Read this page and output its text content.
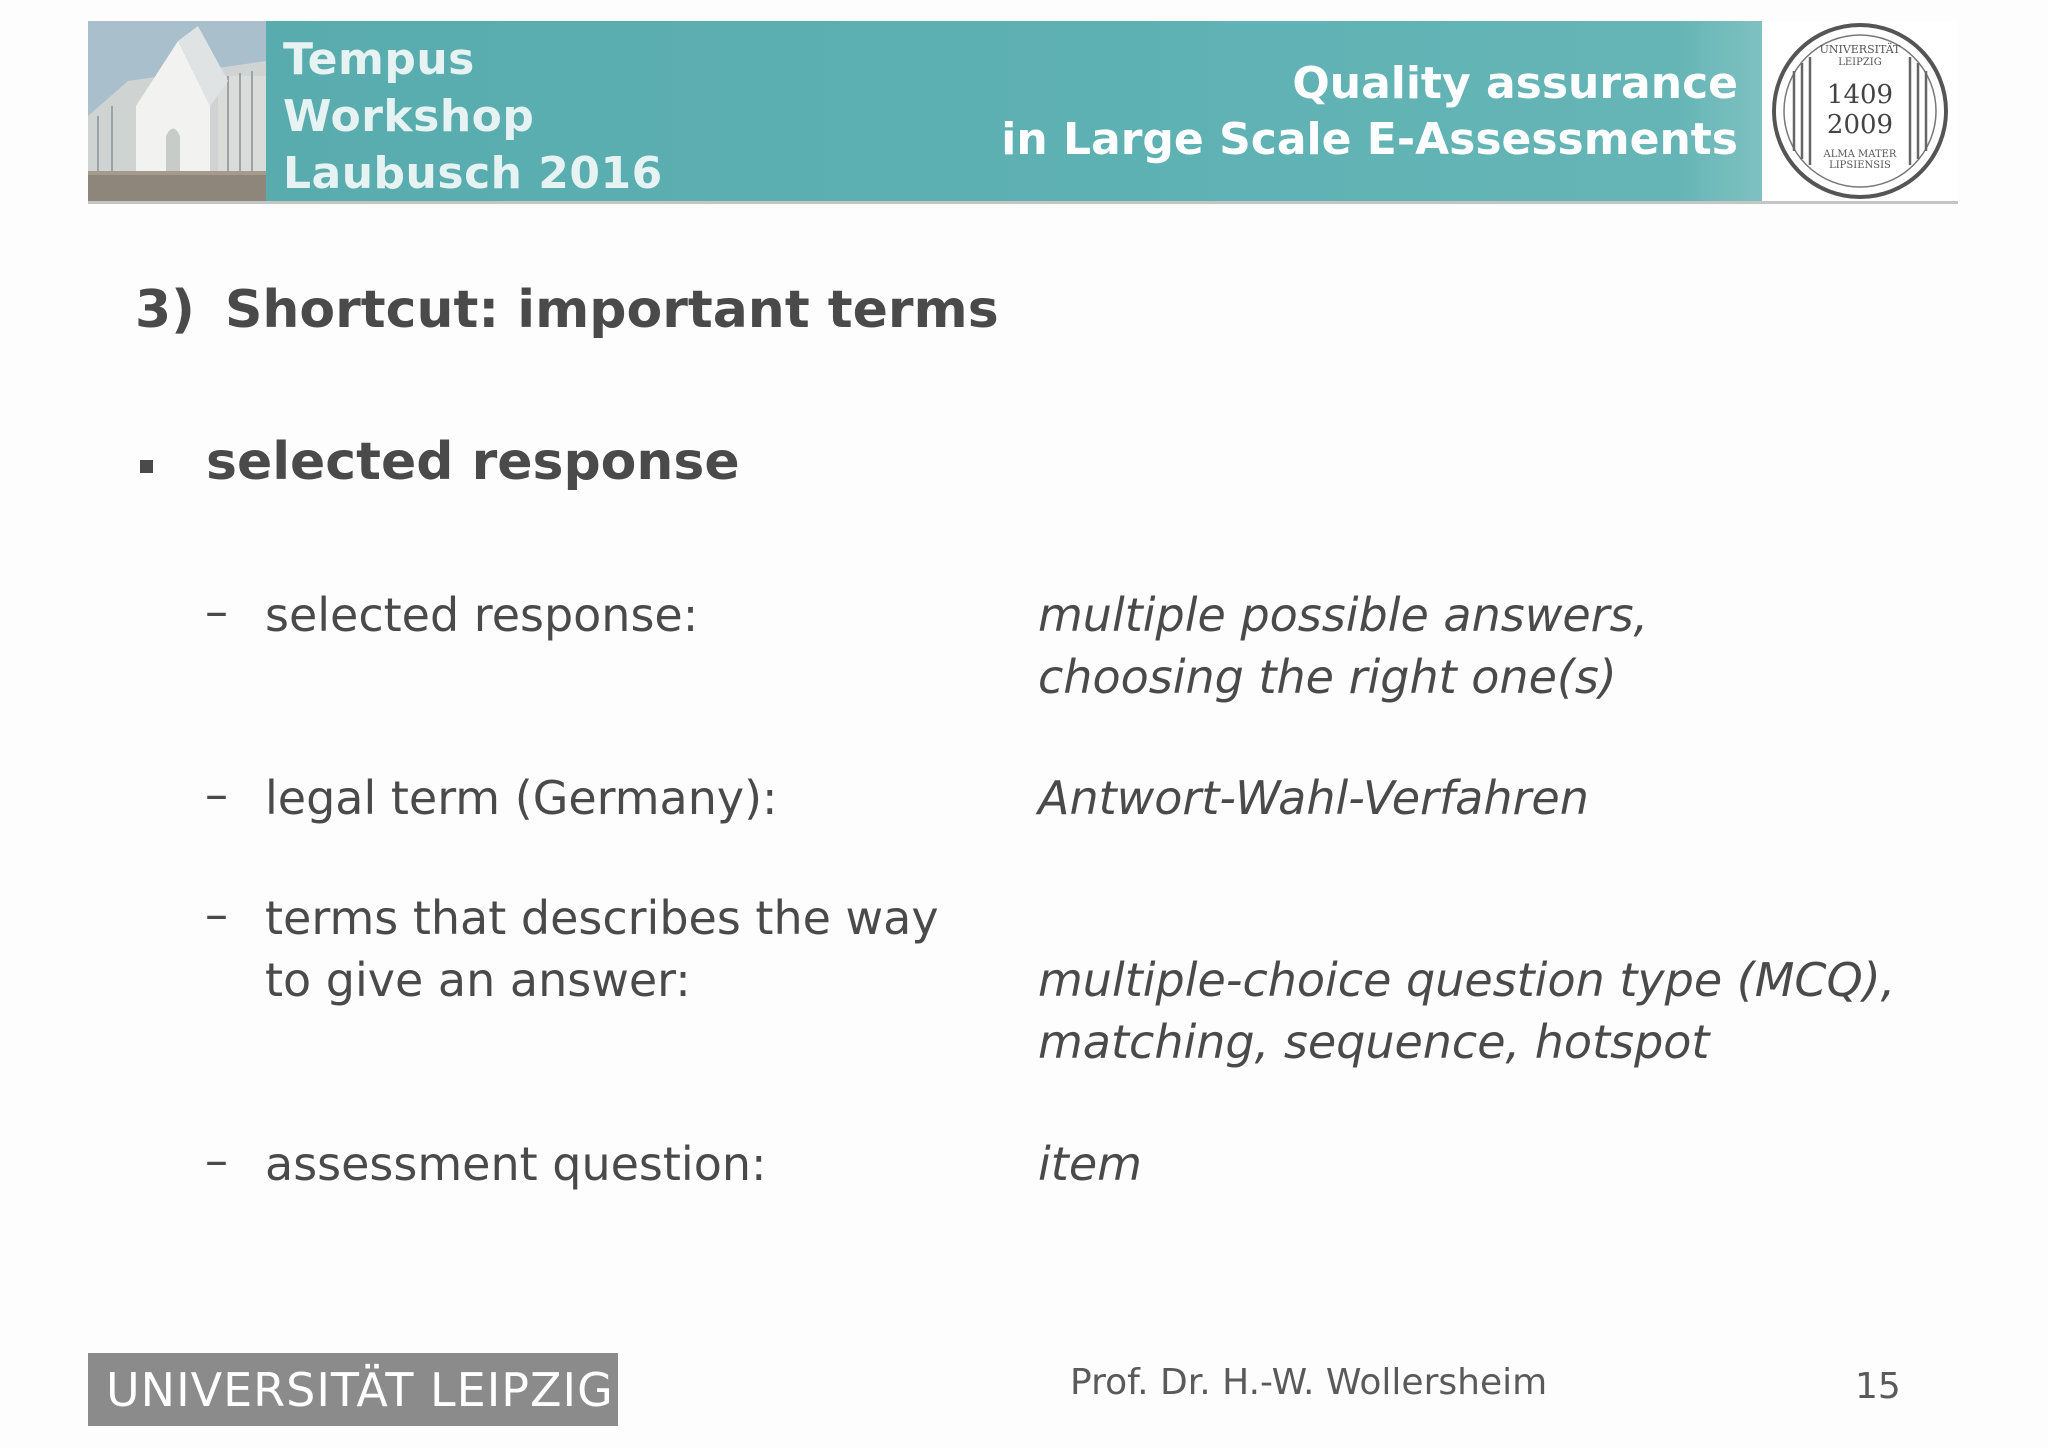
Tempus
Workshop
Laubusch 2016
Quality assurance
in Large Scale E-Assessments
UNIVERSITÄT
LEIPZIG
1409
2009
ALMA MATER
LIPSIENSIS
3) Shortcut: important terms
selected response
– selected response:	multiple possible answers,
choosing the right one(s)
– legal term (Germany):	Antwort-Wahl-Verfahren
– terms that describes the way
to give an answer:	multiple-choice question type (MCQ),
matching, sequence, hotspot
– assessment question:	item
UNIVERSITÄT LEIPZIG	Prof. Dr. H.-W. Wollersheim	15
